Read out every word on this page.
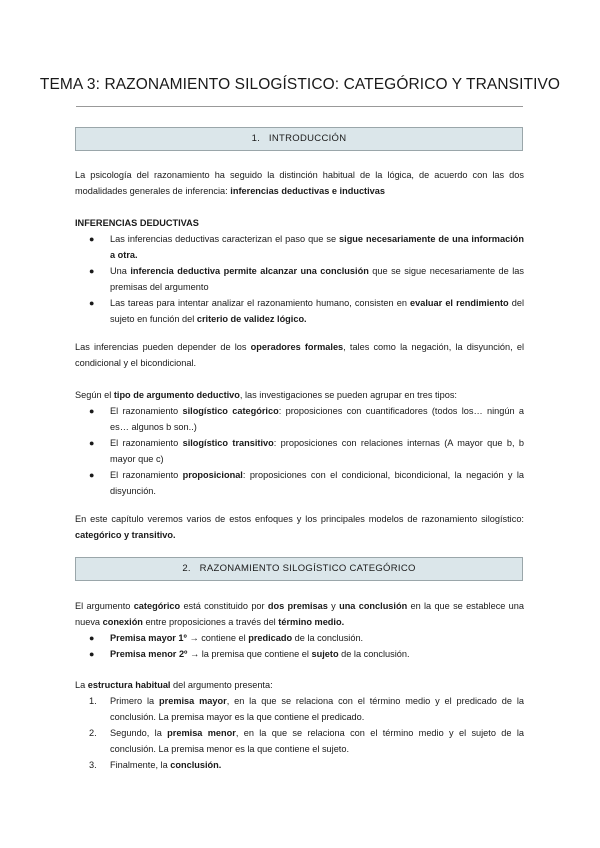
TEMA 3: RAZONAMIENTO SILOGÍSTICO: CATEGÓRICO Y TRANSITIVO
1. INTRODUCCIÓN
La psicología del razonamiento ha seguido la distinción habitual de la lógica, de acuerdo con las dos modalidades generales de inferencia: inferencias deductivas e inductivas
INFERENCIAS DEDUCTIVAS
● Las inferencias deductivas caracterizan el paso que se sigue necesariamente de una información a otra.
● Una inferencia deductiva permite alcanzar una conclusión que se sigue necesariamente de las premisas del argumento
● Las tareas para intentar analizar el razonamiento humano, consisten en evaluar el rendimiento del sujeto en función del criterio de validez lógico.
Las inferencias pueden depender de los operadores formales, tales como la negación, la disyunción, el condicional y el bicondicional.
Según el tipo de argumento deductivo, las investigaciones se pueden agrupar en tres tipos:
● El razonamiento silogístico categórico: proposiciones con cuantificadores (todos los… ningún a es… algunos b son..)
● El razonamiento silogístico transitivo: proposiciones con relaciones internas (A mayor que b, b mayor que c)
● El razonamiento proposicional: proposiciones con el condicional, bicondicional, la negación y la disyunción.
En este capítulo veremos varios de estos enfoques y los principales modelos de razonamiento silogístico: categórico y transitivo.
2. RAZONAMIENTO SILOGÍSTICO CATEGÓRICO
El argumento categórico está constituido por dos premisas y una conclusión en la que se establece una nueva conexión entre proposiciones a través del término medio.
● Premisa mayor 1º → contiene el predicado de la conclusión.
● Premisa menor 2º → la premisa que contiene el sujeto de la conclusión.
La estructura habitual del argumento presenta:
1. Primero la premisa mayor, en la que se relaciona con el término medio y el predicado de la conclusión. La premisa mayor es la que contiene el predicado.
2. Segundo, la premisa menor, en la que se relaciona con el término medio y el sujeto de la conclusión. La premisa menor es la que contiene el sujeto.
3. Finalmente, la conclusión.
